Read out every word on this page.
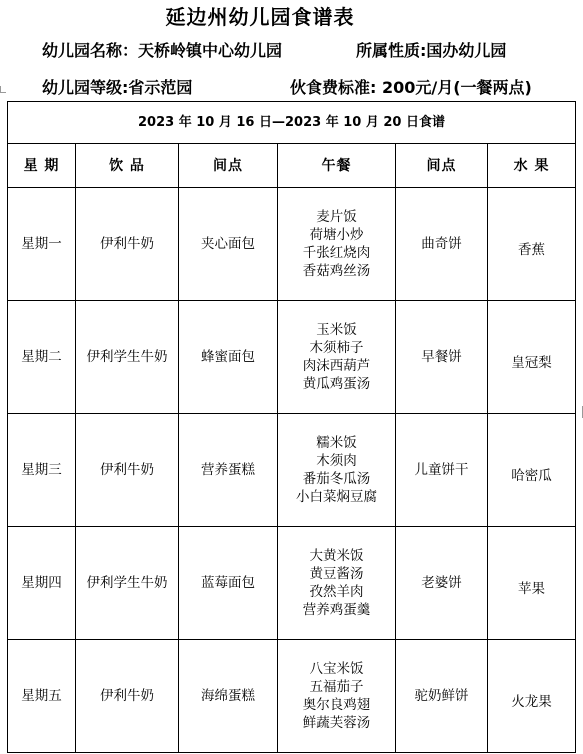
延边州幼儿园食谱表
幼儿园名称：天桥岭镇中心幼儿园	所属性质:国办幼儿园
幼儿园等级:省示范园	伙食费标准: 200元/月(一餐两点)
2023 年 10 月 16 日—2023 年 10 月 20 日食谱					
星 期	饮 品	间点	午餐	间点	水 果
星期一	伊利牛奶	夹心面包	麦片饭
荷塘小炒
千张红烧肉
香菇鸡丝汤	曲奇饼	香蕉
星期二	伊利学生牛奶	蜂蜜面包	玉米饭
木须柿子
肉沫西葫芦
黄瓜鸡蛋汤	早餐饼	皇冠梨
星期三	伊利牛奶	营养蛋糕	糯米饭
木须肉
番茄冬瓜汤
小白菜焖豆腐	儿童饼干	哈密瓜
星期四	伊利学生牛奶	蓝莓面包	大黄米饭
黄豆酱汤
孜然羊肉
营养鸡蛋羹	老婆饼	苹果
星期五	伊利牛奶	海绵蛋糕	八宝米饭
五福茄子
奥尔良鸡翅
鲜蔬芙蓉汤	驼奶鲜饼	火龙果
